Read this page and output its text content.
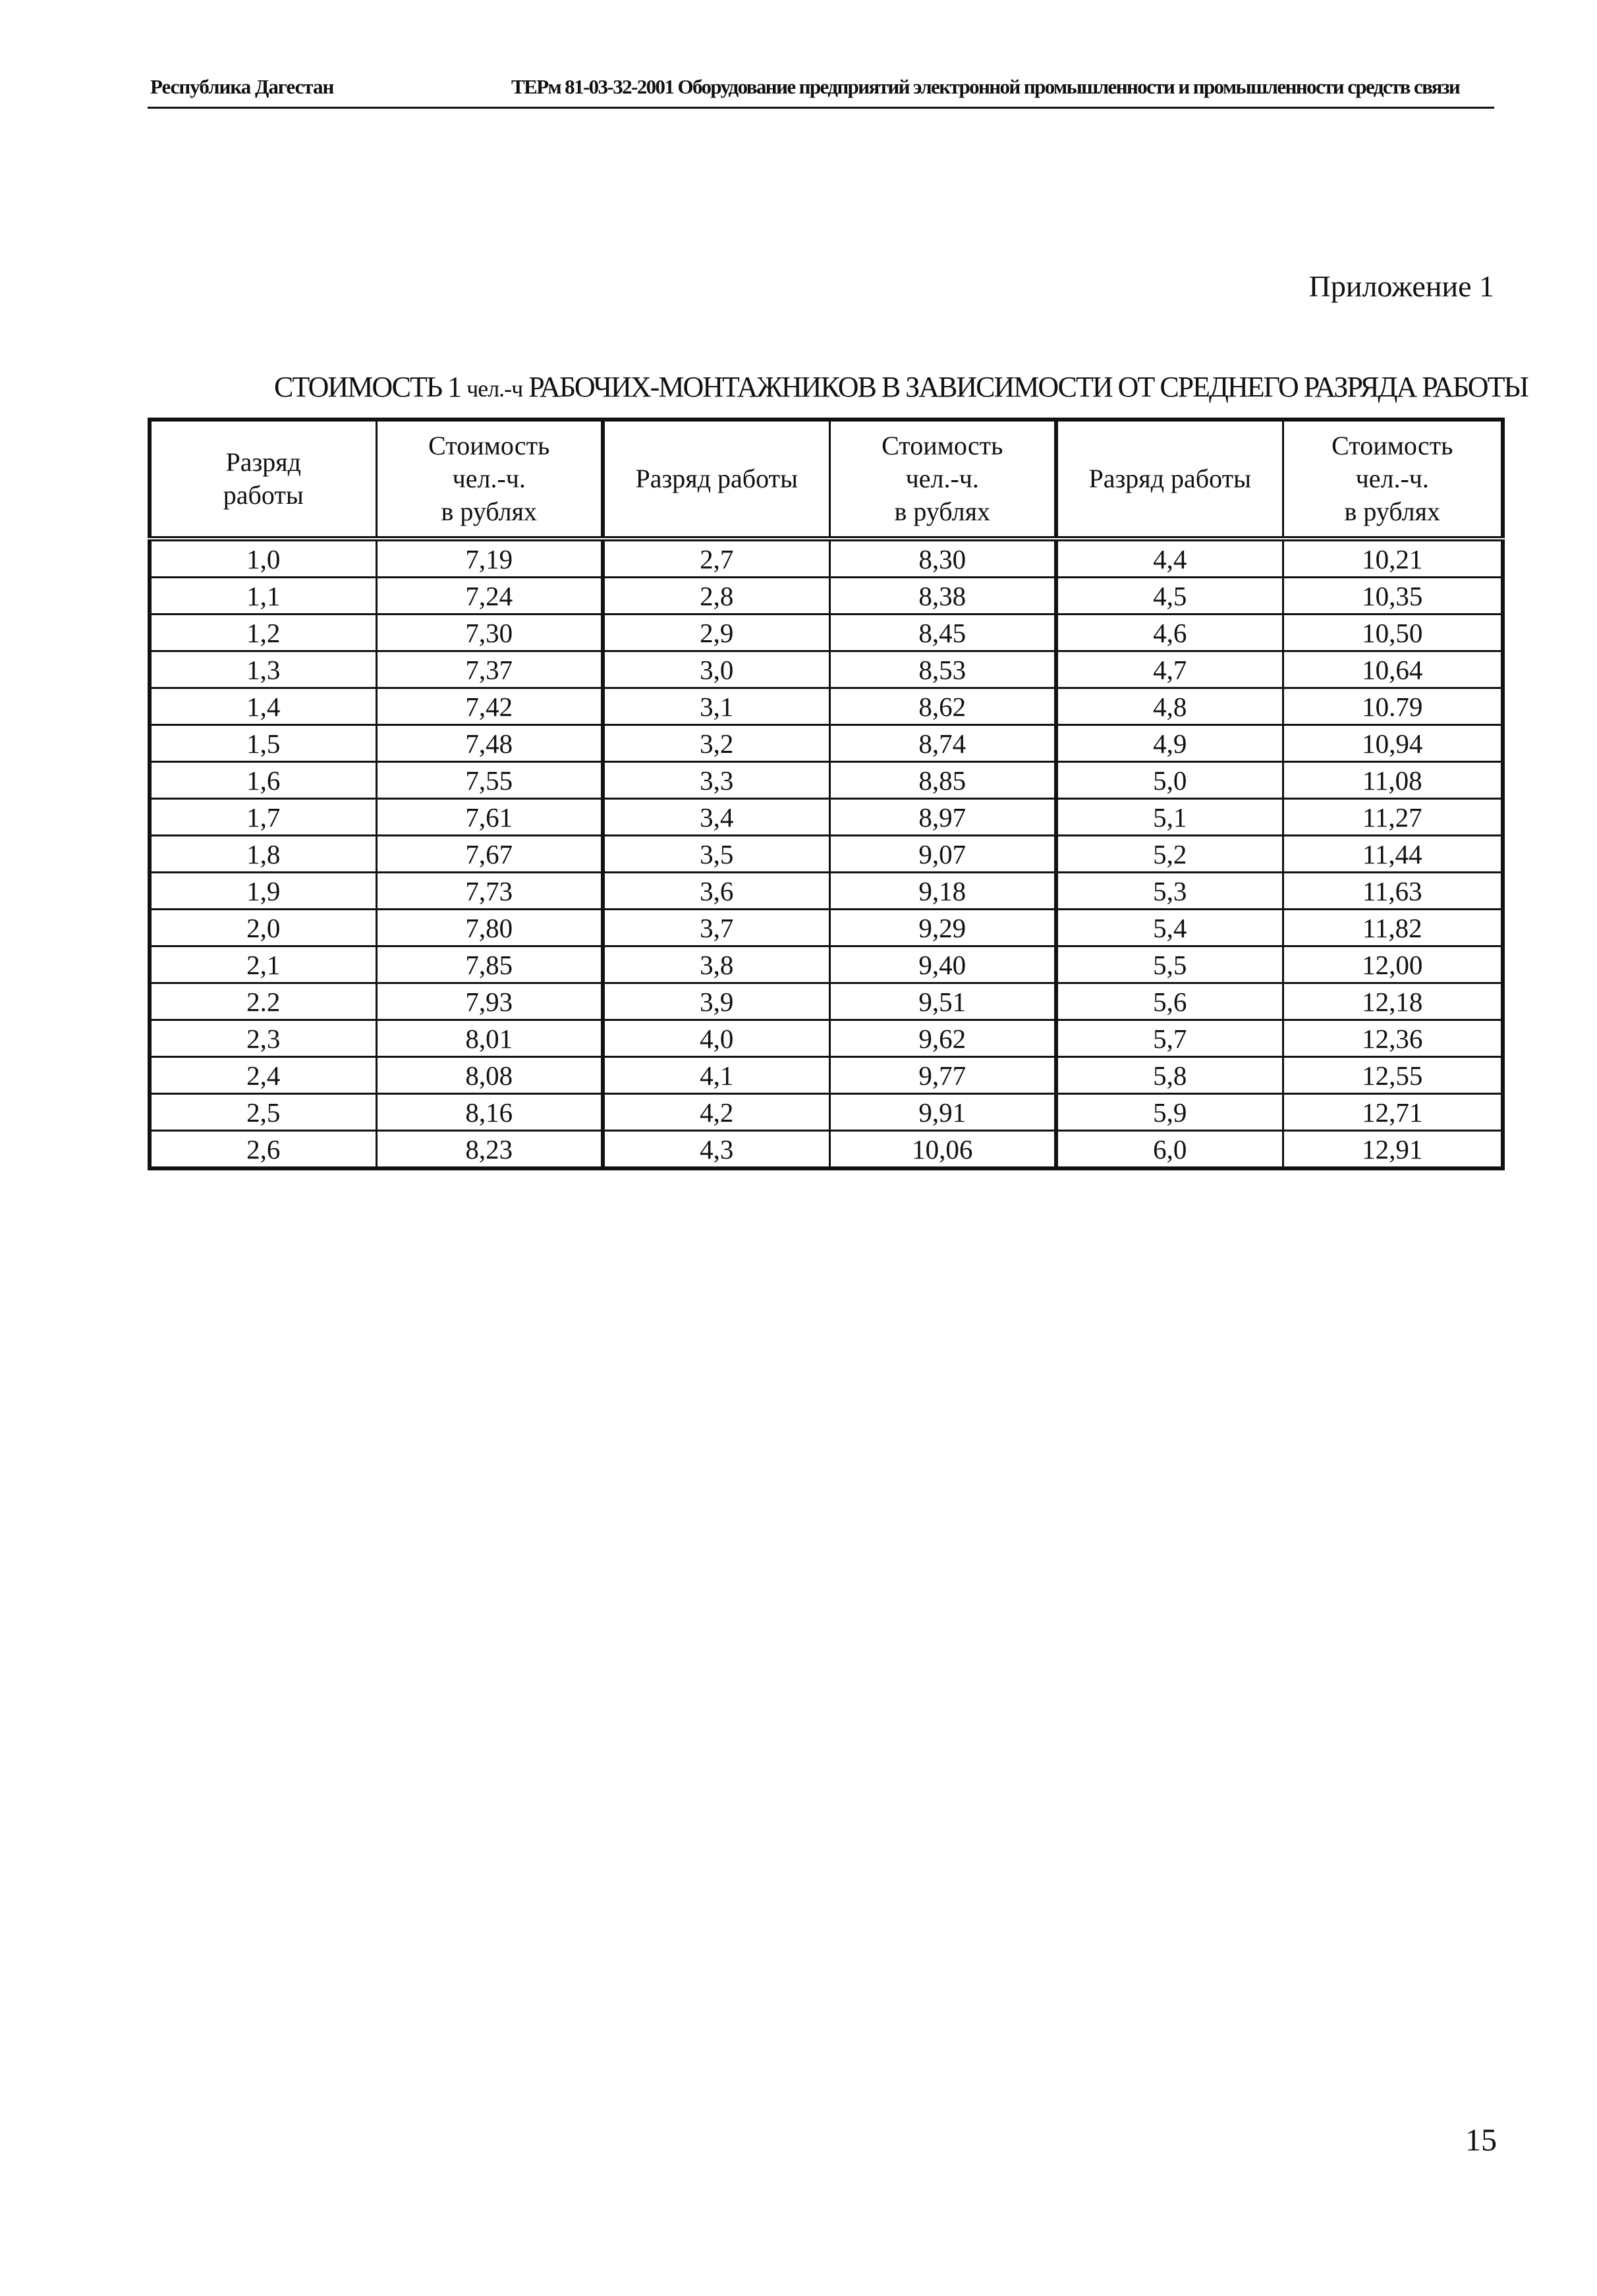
Республика Дагестан	ТЕРм 81-03-32-2001 Оборудование предприятий электронной промышленности и промышленности средств связи
Приложение 1
СТОИМОСТЬ 1 чел.-ч РАБОЧИХ-МОНТАЖНИКОВ В ЗАВИСИМОСТИ ОТ СРЕДНЕГО РАЗРЯДА РАБОТЫ
Разряд
работы	Стоимость
чел.-ч.
в рублях	Разряд работы	Стоимость
чел.-ч.
в рублях	Разряд работы	Стоимость
чел.-ч.
в рублях
1,0	7,19	2,7	8,30	4,4	10,21
1,1	7,24	2,8	8,38	4,5	10,35
1,2	7,30	2,9	8,45	4,6	10,50
1,3	7,37	3,0	8,53	4,7	10,64
1,4	7,42	3,1	8,62	4,8	10.79
1,5	7,48	3,2	8,74	4,9	10,94
1,6	7,55	3,3	8,85	5,0	11,08
1,7	7,61	3,4	8,97	5,1	11,27
1,8	7,67	3,5	9,07	5,2	11,44
1,9	7,73	3,6	9,18	5,3	11,63
2,0	7,80	3,7	9,29	5,4	11,82
2,1	7,85	3,8	9,40	5,5	12,00
2.2	7,93	3,9	9,51	5,6	12,18
2,3	8,01	4,0	9,62	5,7	12,36
2,4	8,08	4,1	9,77	5,8	12,55
2,5	8,16	4,2	9,91	5,9	12,71
2,6	8,23	4,3	10,06	6,0	12,91
15
